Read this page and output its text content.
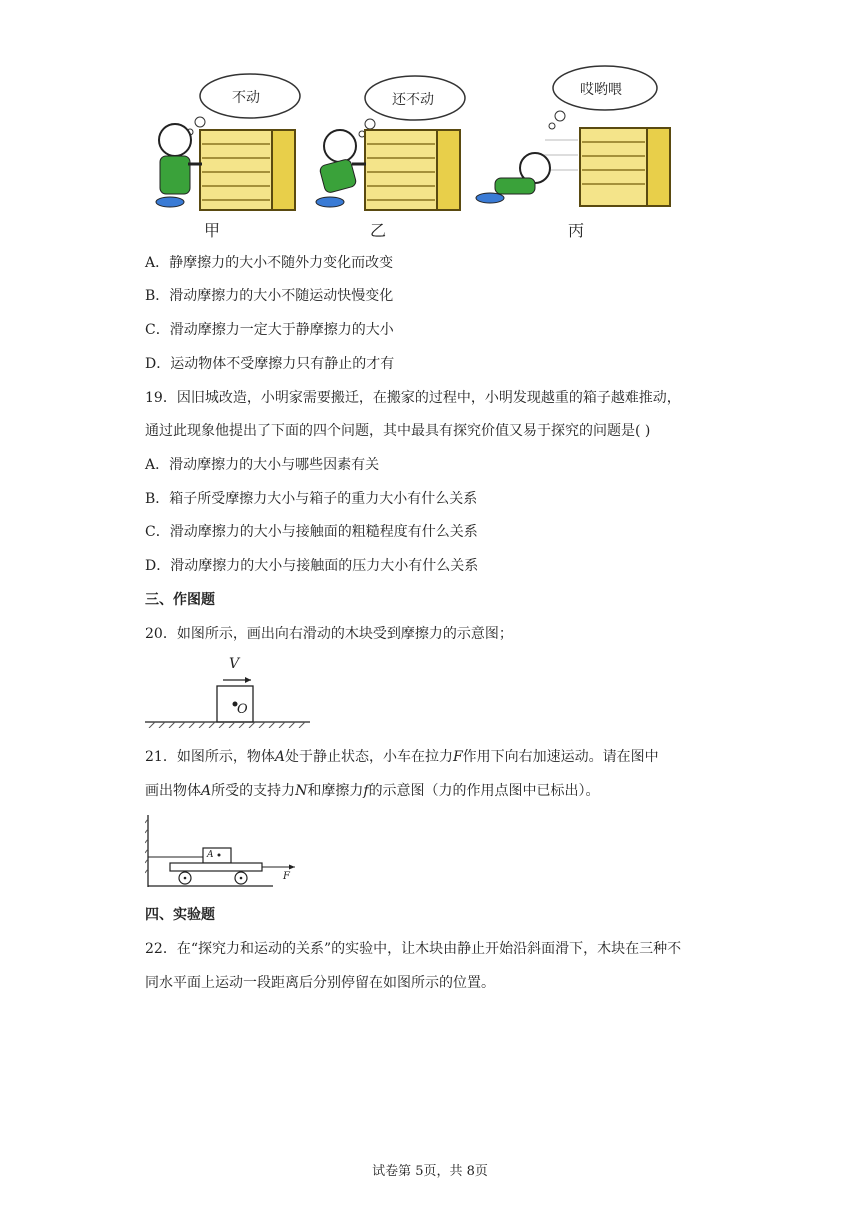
不动	还不动
哎哟喂
甲	乙	丙
A．静摩擦力的大小不随外力变化而改变
B．滑动摩擦力的大小不随运动快慢变化
C．滑动摩擦力一定大于静摩擦力的大小
D．运动物体不受摩擦力只有静止的才有
19．因旧城改造，小明家需要搬迁，在搬家的过程中，小明发现越重的箱子越难推动，
通过此现象他提出了下面的四个问题，其中最具有探究价值又易于探究的问题是( )
A．滑动摩擦力的大小与哪些因素有关
B．箱子所受摩擦力大小与箱子的重力大小有什么关系
C．滑动摩擦力的大小与接触面的粗糙程度有什么关系
D．滑动摩擦力的大小与接触面的压力大小有什么关系
三、作图题
20．如图所示，画出向右滑动的木块受到摩擦力的示意图；
V
O
21．如图所示，物体A处于静止状态，小车在拉力F作用下向右加速运动。请在图中
画出物体A所受的支持力N和摩擦力f的示意图（力的作用点图中已标出）。
A
F
四、实验题
22．在“探究力和运动的关系”的实验中，让木块由静止开始沿斜面滑下，木块在三种不
同水平面上运动一段距离后分别停留在如图所示的位置。
试卷第 5页，共 8页
